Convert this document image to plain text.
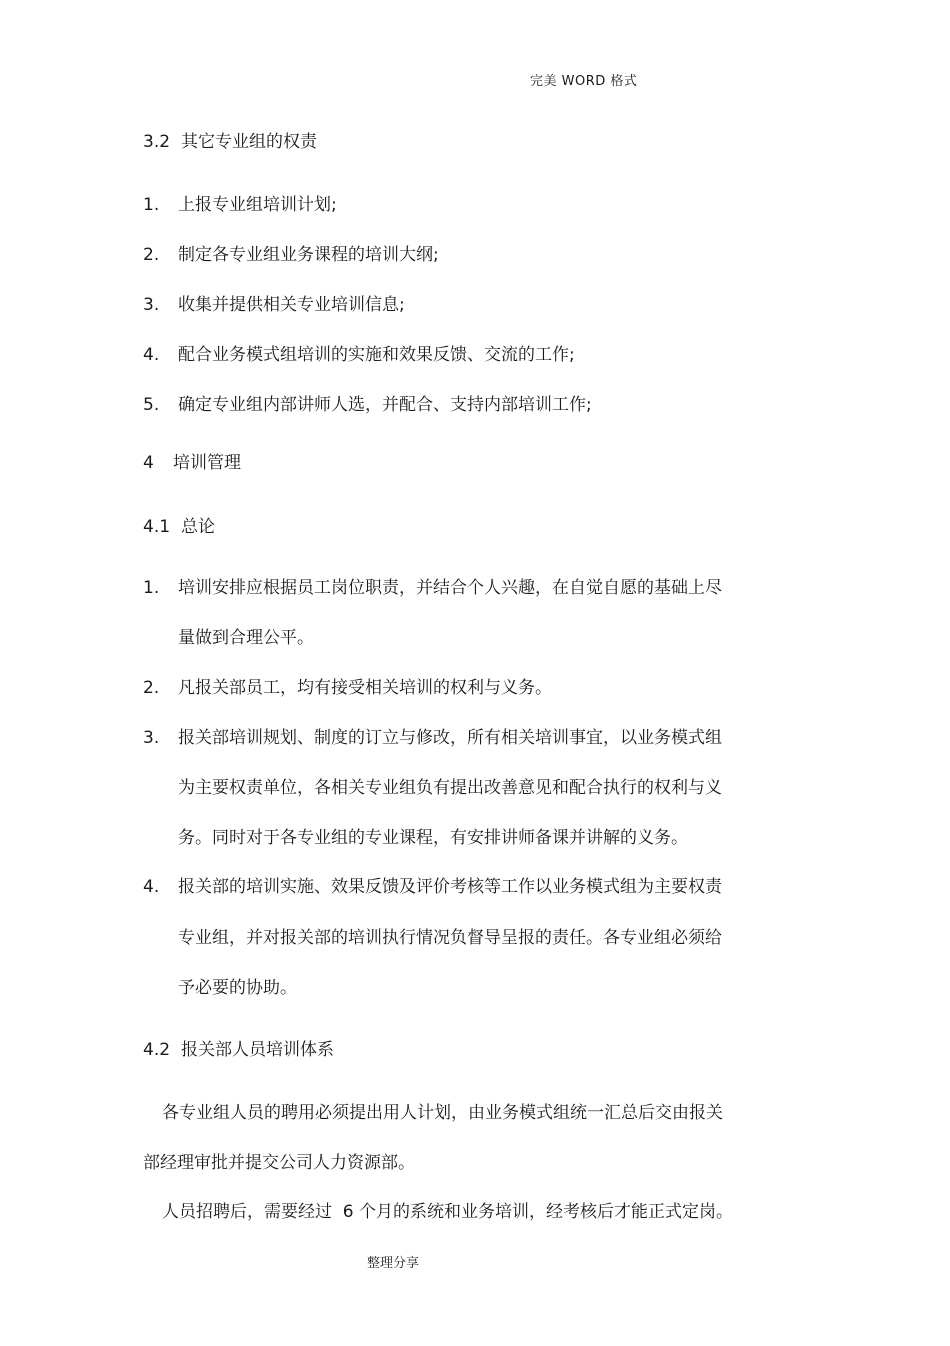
完美 WORD 格式
3.2 其它专业组的权责
1. 上报专业组培训计划;
2. 制定各专业组业务课程的培训大纲;
3. 收集并提供相关专业培训信息;
4. 配合业务模式组培训的实施和效果反馈、交流的工作;
5. 确定专业组内部讲师人选，并配合、支持内部培训工作;
4 培训管理
4.1 总论
1. 培训安排应根据员工岗位职责，并结合个人兴趣，在自觉自愿的基础上尽
量做到合理公平。
2. 凡报关部员工，均有接受相关培训的权利与义务。
3. 报关部培训规划、制度的订立与修改，所有相关培训事宜，以业务模式组
为主要权责单位，各相关专业组负有提出改善意见和配合执行的权利与义
务。同时对于各专业组的专业课程，有安排讲师备课并讲解的义务。
4. 报关部的培训实施、效果反馈及评价考核等工作以业务模式组为主要权责
专业组，并对报关部的培训执行情况负督导呈报的责任。各专业组必须给
予必要的协助。
4.2 报关部人员培训体系
各专业组人员的聘用必须提出用人计划，由业务模式组统一汇总后交由报关
部经理审批并提交公司人力资源部。
人员招聘后，需要经过  6 个月的系统和业务培训，经考核后才能正式定岗。
整理分享
